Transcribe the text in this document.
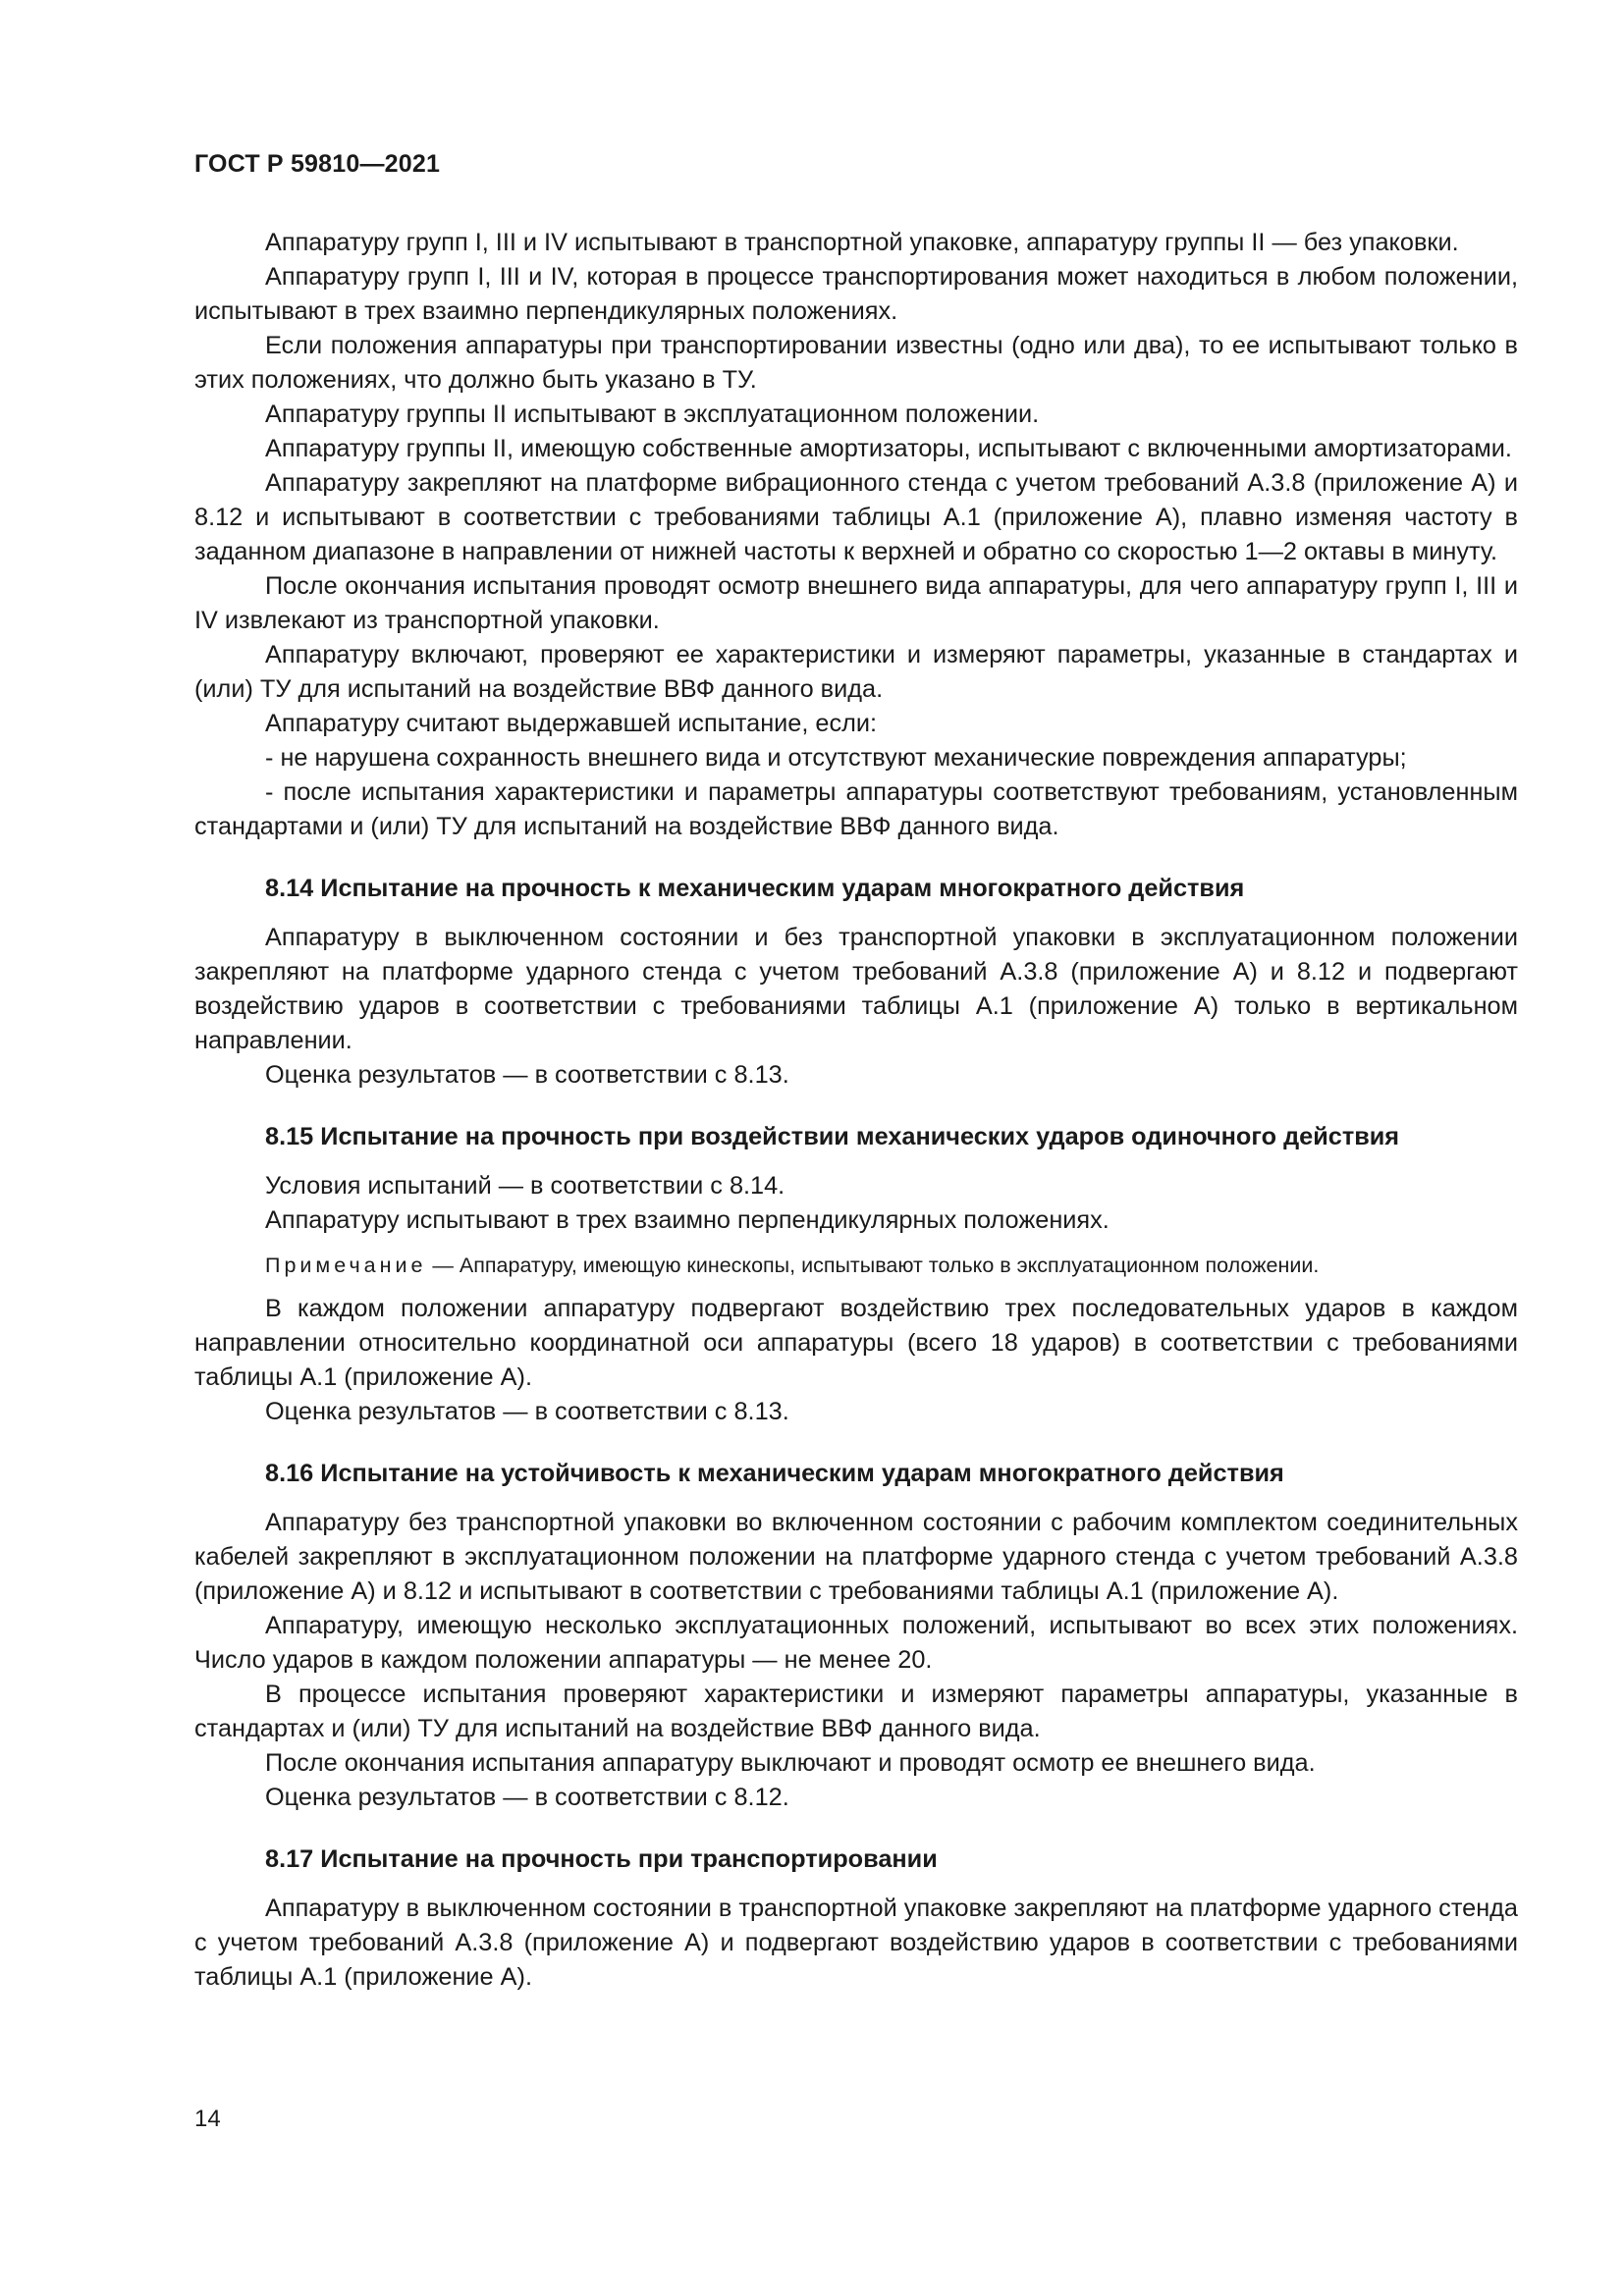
ГОСТ Р 59810—2021

Аппаратуру групп I, III и IV испытывают в транспортной упаковке, аппаратуру группы II — без упаковки.

Аппаратуру групп I, III и IV, которая в процессе транспортирования может находиться в любом положении, испытывают в трех взаимно перпендикулярных положениях.

Если положения аппаратуры при транспортировании известны (одно или два), то ее испытывают только в этих положениях, что должно быть указано в ТУ.

Аппаратуру группы II испытывают в эксплуатационном положении.

Аппаратуру группы II, имеющую собственные амортизаторы, испытывают с включенными амортизаторами.

Аппаратуру закрепляют на платформе вибрационного стенда с учетом требований А.3.8 (приложение А) и 8.12 и испытывают в соответствии с требованиями таблицы А.1 (приложение А), плавно изменяя частоту в заданном диапазоне в направлении от нижней частоты к верхней и обратно со скоростью 1—2 октавы в минуту.

После окончания испытания проводят осмотр внешнего вида аппаратуры, для чего аппаратуру групп I, III и IV извлекают из транспортной упаковки.

Аппаратуру включают, проверяют ее характеристики и измеряют параметры, указанные в стандартах и (или) ТУ для испытаний на воздействие ВВФ данного вида.

Аппаратуру считают выдержавшей испытание, если:

- не нарушена сохранность внешнего вида и отсутствуют механические повреждения аппаратуры;

- после испытания характеристики и параметры аппаратуры соответствуют требованиям, установленным стандартами и (или) ТУ для испытаний на воздействие ВВФ данного вида.

8.14 Испытание на прочность к механическим ударам многократного действия

Аппаратуру в выключенном состоянии и без транспортной упаковки в эксплуатационном положении закрепляют на платформе ударного стенда с учетом требований А.3.8 (приложение А) и 8.12 и подвергают воздействию ударов в соответствии с требованиями таблицы А.1 (приложение А) только в вертикальном направлении.

Оценка результатов — в соответствии с 8.13.

8.15 Испытание на прочность при воздействии механических ударов одиночного действия

Условия испытаний — в соответствии с 8.14.

Аппаратуру испытывают в трех взаимно перпендикулярных положениях.

Примечание — Аппаратуру, имеющую кинескопы, испытывают только в эксплуатационном положении.

В каждом положении аппаратуру подвергают воздействию трех последовательных ударов в каждом направлении относительно координатной оси аппаратуры (всего 18 ударов) в соответствии с требованиями таблицы А.1 (приложение А).

Оценка результатов — в соответствии с 8.13.

8.16 Испытание на устойчивость к механическим ударам многократного действия

Аппаратуру без транспортной упаковки во включенном состоянии с рабочим комплектом соединительных кабелей закрепляют в эксплуатационном положении на платформе ударного стенда с учетом требований А.3.8 (приложение А) и 8.12 и испытывают в соответствии с требованиями таблицы А.1 (приложение А).

Аппаратуру, имеющую несколько эксплуатационных положений, испытывают во всех этих положениях. Число ударов в каждом положении аппаратуры — не менее 20.

В процессе испытания проверяют характеристики и измеряют параметры аппаратуры, указанные в стандартах и (или) ТУ для испытаний на воздействие ВВФ данного вида.

После окончания испытания аппаратуру выключают и проводят осмотр ее внешнего вида.

Оценка результатов — в соответствии с 8.12.

8.17 Испытание на прочность при транспортировании

Аппаратуру в выключенном состоянии в транспортной упаковке закрепляют на платформе ударного стенда с учетом требований А.3.8 (приложение А) и подвергают воздействию ударов в соответствии с требованиями таблицы А.1 (приложение А).

14
